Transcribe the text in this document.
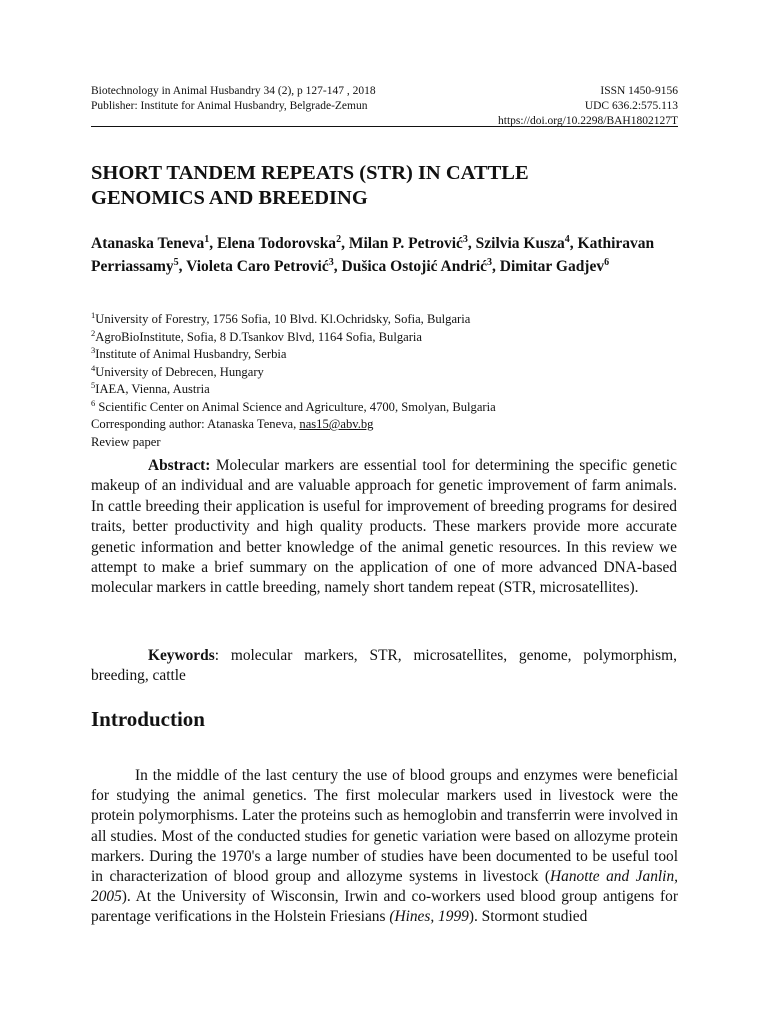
Biotechnology in Animal Husbandry 34 (2), p 127-147 , 2018	ISSN 1450-9156
Publisher: Institute for Animal Husbandry, Belgrade-Zemun	UDC 636.2:575.113
https://doi.org/10.2298/BAH1802127T
SHORT TANDEM REPEATS (STR) IN CATTLE
GENOMICS AND BREEDING
Atanaska Teneva$^1$, Elena Todorovska$^2$, Milan P. Petrović$^3$, Szilvia Kusza$^4$, Kathiravan Perriassamy$^5$, Violeta Caro Petrović$^3$, Dušica Ostojić Andrić$^3$, Dimitar Gadjev$^6$
$^1$University of Forestry, 1756 Sofia, 10 Blvd. Kl.Ochridsky, Sofia, Bulgaria
$^2$AgroBioInstitute, Sofia, 8 D.Tsankov Blvd, 1164 Sofia, Bulgaria
$^3$Institute of Animal Husbandry, Serbia
$^4$University of Debrecen, Hungary
$^5$IAEA, Vienna, Austria
$^6$ Scientific Center on Animal Science and Agriculture, 4700, Smolyan, Bulgaria
Corresponding author: Atanaska Teneva, nas15@abv.bg
Review paper

Abstract: Molecular markers are essential tool for determining the specific genetic makeup of an individual and are valuable approach for genetic improvement of farm animals. In cattle breeding their application is useful for improvement of breeding programs for desired traits, better productivity and high quality products. These markers provide more accurate genetic information and better knowledge of the animal genetic resources. In this review we attempt to make a brief summary on the application of one of more advanced DNA-based molecular markers in cattle breeding, namely short tandem repeat (STR, microsatellites).

Keywords: molecular markers, STR, microsatellites, genome, polymorphism, breeding, cattle

Introduction

In the middle of the last century the use of blood groups and enzymes were beneficial for studying the animal genetics. The first molecular markers used in livestock were the protein polymorphisms. Later the proteins such as hemoglobin and transferrin were involved in all studies. Most of the conducted studies for genetic variation were based on allozyme protein markers. During the 1970's a large number of studies have been documented to be useful tool in characterization of blood group and allozyme systems in livestock (Hanotte and Janlin, 2005). At the University of Wisconsin, Irwin and co-workers used blood group antigens for parentage verifications in the Holstein Friesians (Hines, 1999). Stormont studied
